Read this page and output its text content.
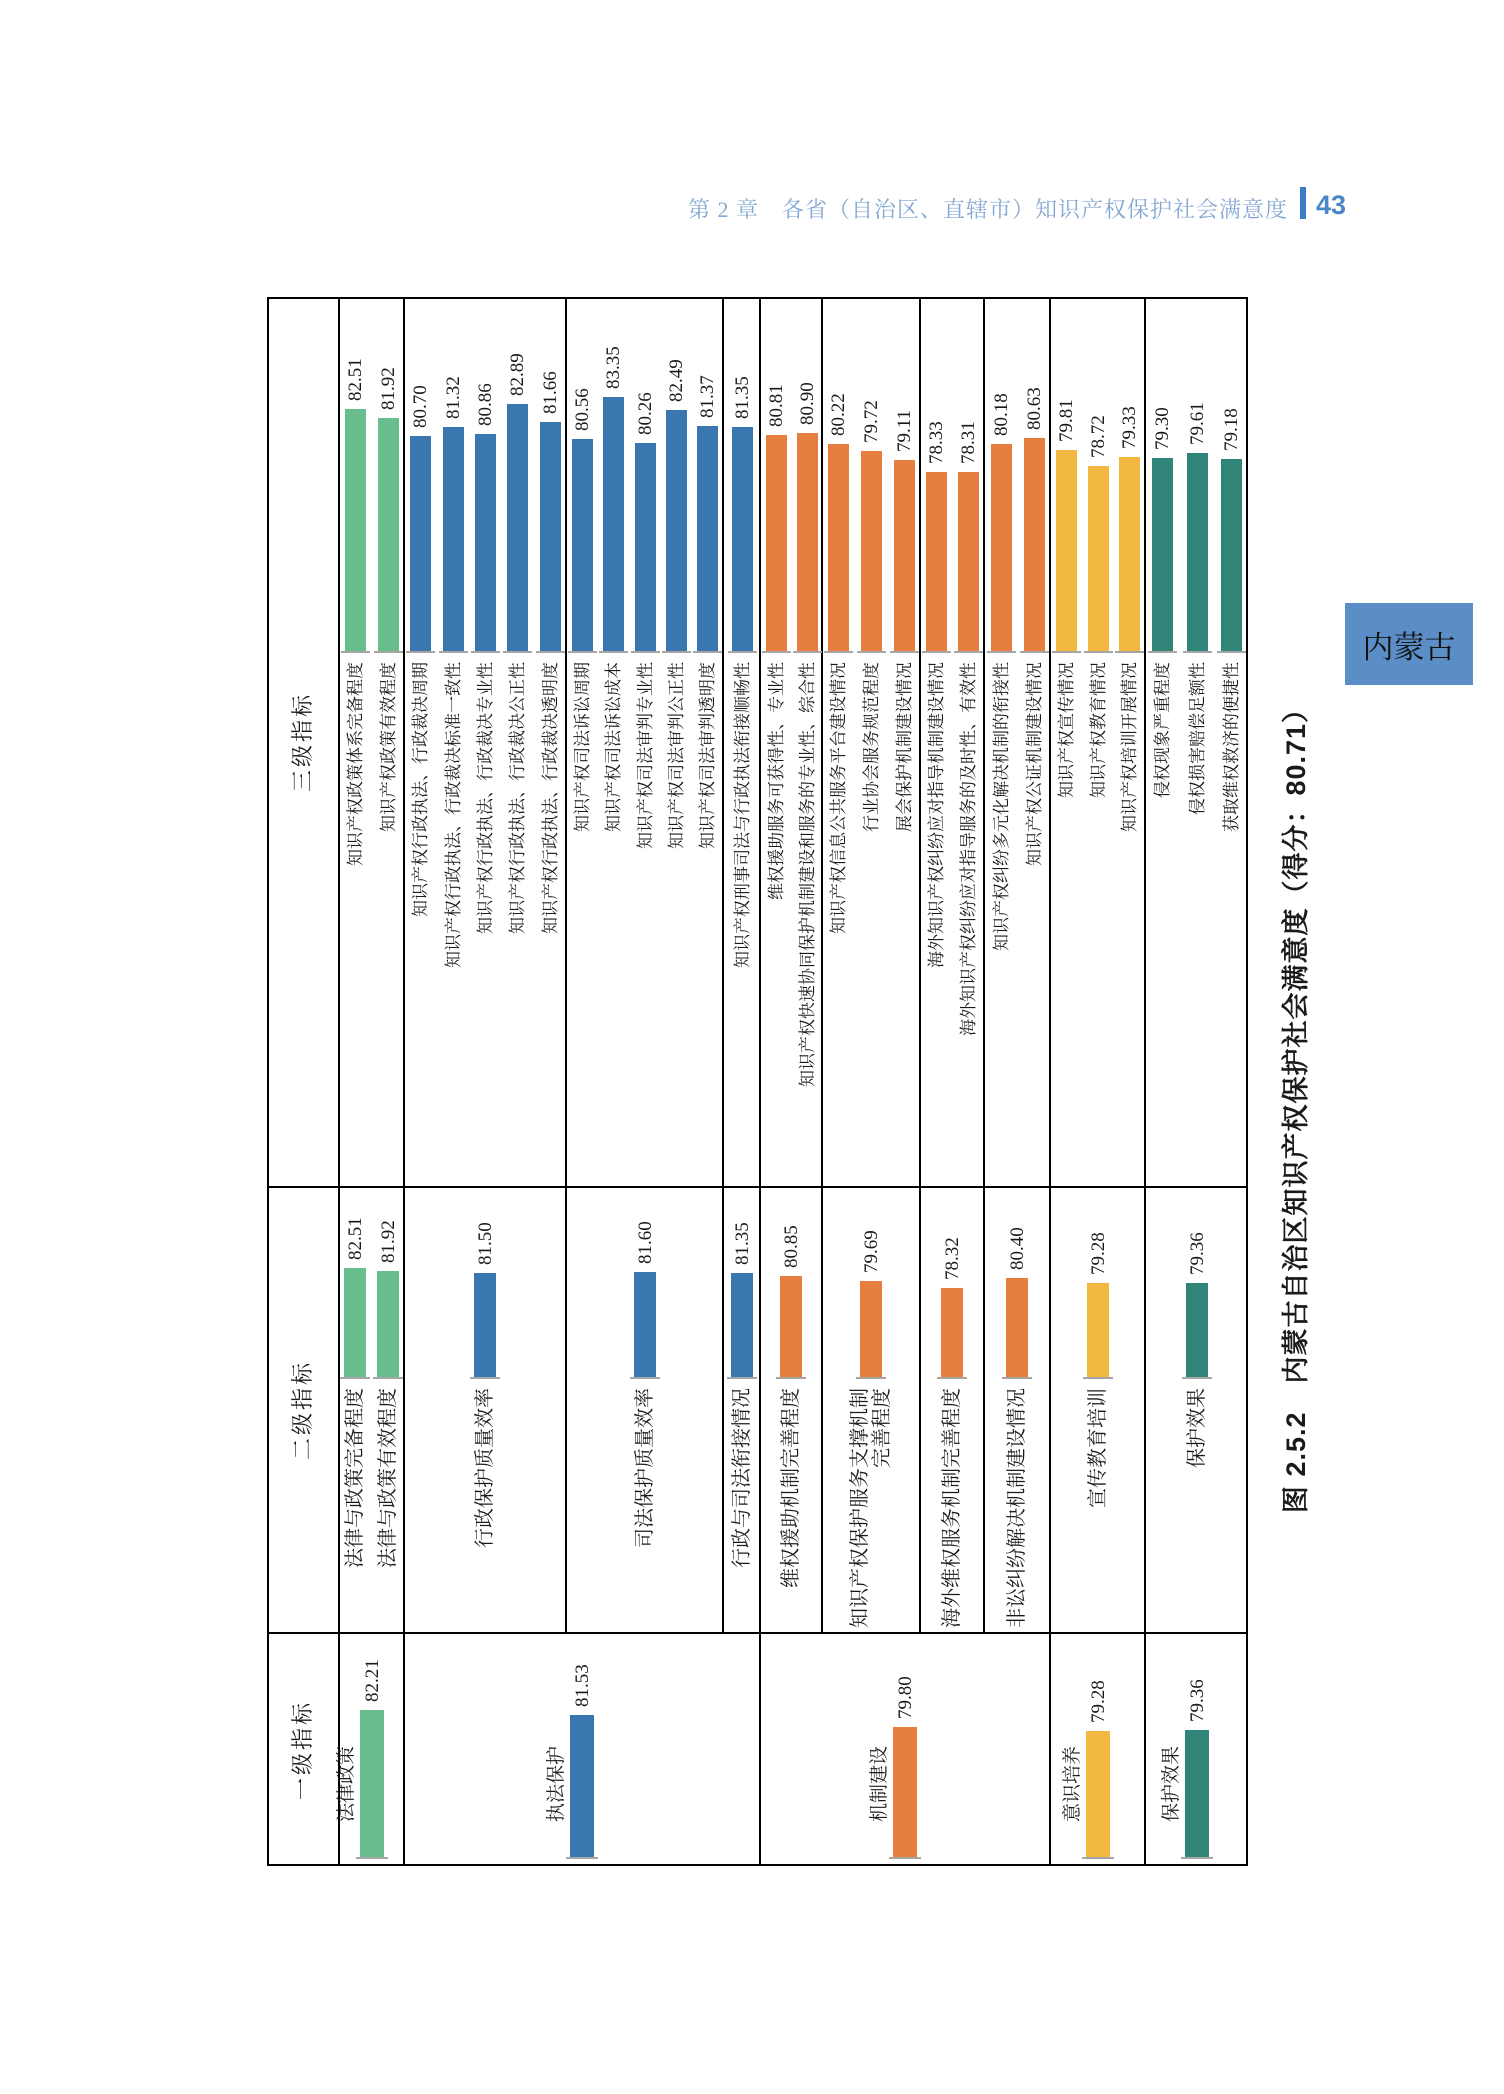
第 2 章　各省（自治区、直辖市）知识产权保护社会满意度 43
内蒙古
图 2.5.2　内蒙古自治区知识产权保护社会满意度（得分：80.71）
三级指标
82.51
知识产权政策体系完备程度
81.92
知识产权政策有效程度
80.70
知识产权行政执法、行政裁决周期
81.32
知识产权行政执法、行政裁决标准一致性
80.86
知识产权行政执法、行政裁决专业性
82.89
知识产权行政执法、行政裁决公正性
81.66
知识产权行政执法、行政裁决透明度
80.56
知识产权司法诉讼周期
83.35
知识产权司法诉讼成本
80.26
知识产权司法审判专业性
82.49
知识产权司法审判公正性
81.37
知识产权司法审判透明度
81.35
知识产权刑事司法与行政执法衔接顺畅性
80.81
维权援助服务可获得性、专业性
80.90
知识产权快速协同保护机制建设和服务的专业性、综合性
80.22
知识产权信息公共服务平台建设情况
79.72
行业协会服务规范程度
79.11
展会保护机制建设情况
78.33
海外知识产权纠纷应对指导机制建设情况
78.31
海外知识产权纠纷应对指导服务的及时性、有效性
80.18
知识产权纠纷多元化解决机制的衔接性
80.63
知识产权公证机制建设情况
79.81
知识产权宣传情况
78.72
知识产权教育情况
79.33
知识产权培训开展情况
79.30
侵权现象严重程度
79.61
侵权损害赔偿足额性
79.18
获取维权救济的便捷性
二级指标
82.51
法律与政策完备程度
81.92
法律与政策有效程度
81.50
行政保护质量效率
81.60
司法保护质量效率
81.35
行政与司法衔接情况
80.85
维权援助机制完善程度
79.69
知识产权保护服务支撑机制 完善程度
78.32
海外维权服务机制完善程度
80.40
非讼纠纷解决机制建设情况
79.28
宣传教育培训
79.36
保护效果
一级指标
82.21
法律政策
81.53
执法保护
79.80
机制建设
79.28
意识培养
79.36
保护效果
